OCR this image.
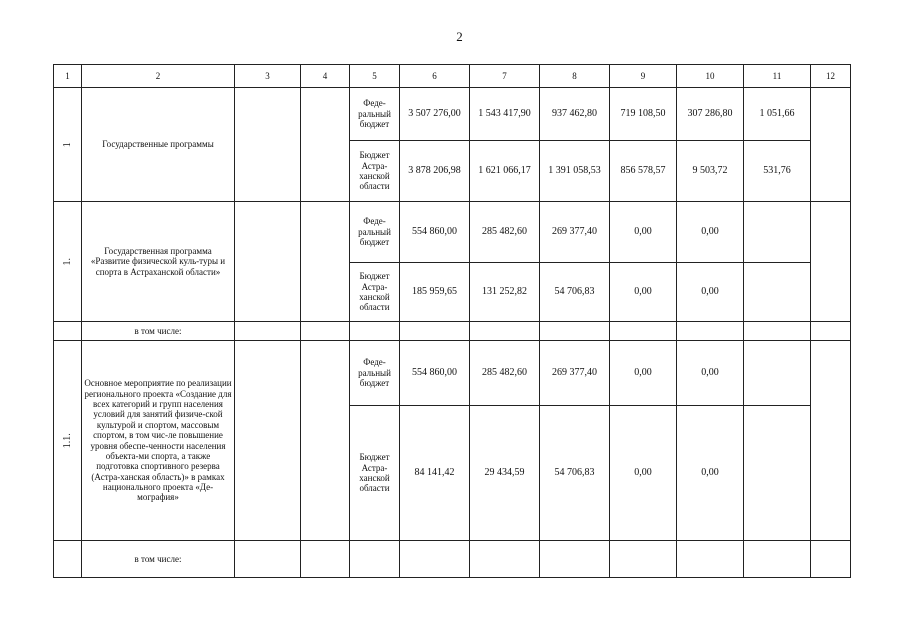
2
1	2	3	4	5	6	7	8	9	10	11	12
1	Государственные программы			Феде-ральный бюджет	3 507 276,00	1 543 417,90	937 462,80	719 108,50	307 286,80	1 051,66	
				Бюджет Астра-ханской области	3 878 206,98	1 621 066,17	1 391 058,53	856 578,57	9 503,72	531,76	
1.	Государственная программа «Развитие физической куль-туры и спорта в Астраханской области»			Феде-ральный бюджет	554 860,00	285 482,60	269 377,40	0,00	0,00		
				Бюджет Астра-ханской области	185 959,65	131 252,82	54 706,83	0,00	0,00		
	в том числе:										
1.1.	Основное мероприятие по реализации регионального проекта «Создание для всех категорий и групп населения условий для занятий физиче-ской культурой и спортом, массовым спортом, в том чис-ле повышение уровня обеспе-ченности населения объекта-ми спорта, а также подготовка спортивного резерва (Астра-ханская область)» в рамках национального проекта «Де-мография»			Феде-ральный бюджет	554 860,00	285 482,60	269 377,40	0,00	0,00		
				Бюджет Астра-ханской области	84 141,42	29 434,59	54 706,83	0,00	0,00		
	в том числе:										
